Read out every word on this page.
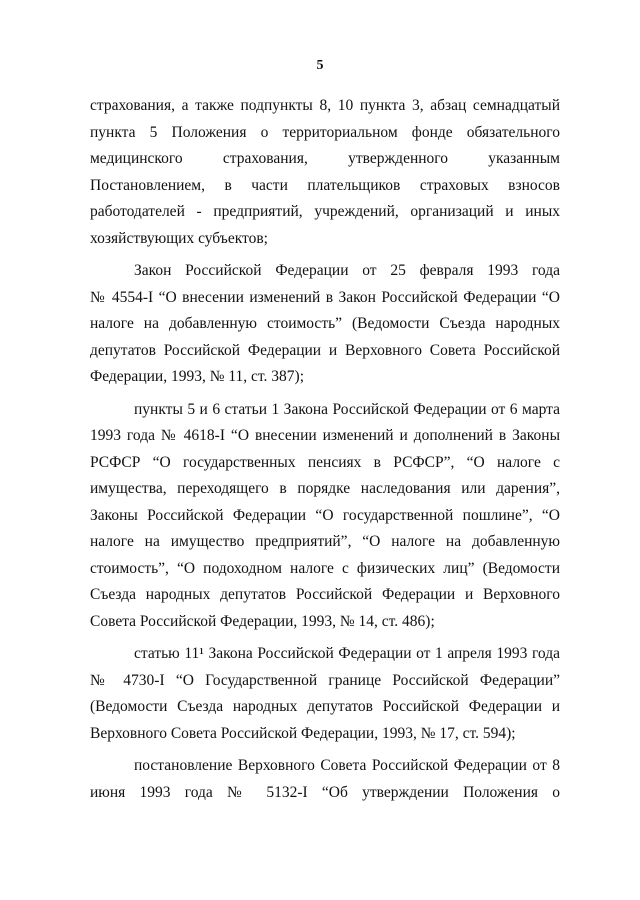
5
страхования, а также подпункты 8, 10 пункта 3, абзац семнадцатый
пункта 5 Положения о территориальном фонде обязательного
медицинского страхования, утвержденного указанным
Постановлением, в части плательщиков страховых взносов
работодателей - предприятий, учреждений, организаций и иных
хозяйствующих субъектов;
Закон Российской Федерации от 25 февраля 1993 года
№ 4554-I “О внесении изменений в Закон Российской Федерации “О
налоге на добавленную стоимость” (Ведомости Съезда народных
депутатов Российской Федерации и Верховного Совета Российской
Федерации, 1993, № 11, ст. 387);
пункты 5 и 6 статьи 1 Закона Российской Федерации от 6 марта
1993 года № 4618-I “О внесении изменений и дополнений в Законы
РСФСР “О государственных пенсиях в РСФСР”, “О налоге с
имущества, переходящего в порядке наследования или дарения”,
Законы Российской Федерации “О государственной пошлине”, “О
налоге на имущество предприятий”, “О налоге на добавленную
стоимость”, “О подоходном налоге с физических лиц” (Ведомости
Съезда народных депутатов Российской Федерации и Верховного
Совета Российской Федерации, 1993, № 14, ст. 486);
статью 11¹ Закона Российской Федерации от 1 апреля 1993 года
№ 4730-I “О Государственной границе Российской Федерации”
(Ведомости Съезда народных депутатов Российской Федерации и
Верховного Совета Российской Федерации, 1993, № 17, ст. 594);
постановление Верховного Совета Российской Федерации от 8
июня 1993 года № 5132-I “Об утверждении Положения о
